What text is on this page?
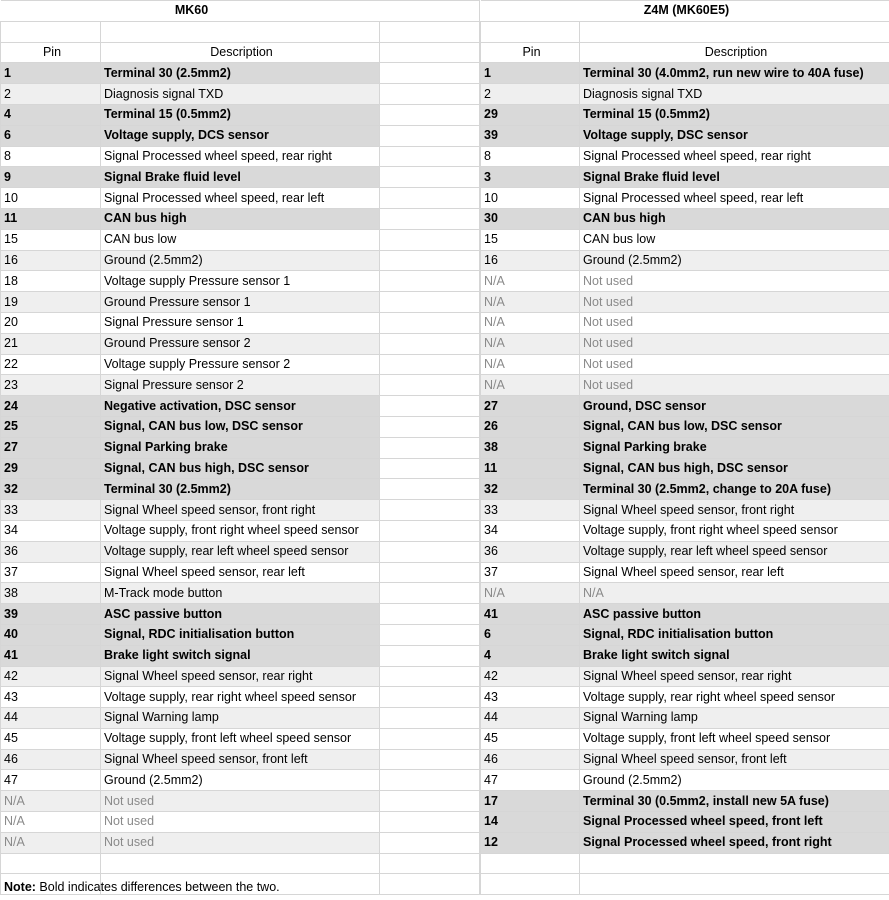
MK60	

Pin	Description
1	Terminal 30 (2.5mm2)
2	Diagnosis signal TXD
4	Terminal 15 (0.5mm2)
6	Voltage supply, DCS sensor
8	Signal Processed wheel speed, rear right
9	Signal Brake fluid level
10	Signal Processed wheel speed, rear left
11	CAN bus high
15	CAN bus low
16	Ground (2.5mm2)
18	Voltage supply Pressure sensor 1
19	Ground Pressure sensor 1
20	Signal Pressure sensor 1
21	Ground Pressure sensor 2
22	Voltage supply Pressure sensor 2
23	Signal Pressure sensor 2
24	Negative activation, DSC sensor
25	Signal, CAN bus low, DSC sensor
27	Signal Parking brake
29	Signal, CAN bus high, DSC sensor
32	Terminal 30 (2.5mm2)
33	Signal Wheel speed sensor, front right
34	Voltage supply, front right wheel speed sensor
36	Voltage supply, rear left wheel speed sensor
37	Signal Wheel speed sensor, rear left
38	M-Track mode button
39	ASC passive button
40	Signal, RDC initialisation button
41	Brake light switch signal
42	Signal Wheel speed sensor, rear right
43	Voltage supply, rear right wheel speed sensor
44	Signal Warning lamp
45	Voltage supply, front left wheel speed sensor
46	Signal Wheel speed sensor, front left
47	Ground (2.5mm2)
N/A	Not used
N/A	Not used
N/A	Not used

Z4M (MK60E5)	

Pin	Description
1	Terminal 30 (4.0mm2, run new wire to 40A fuse)
2	Diagnosis signal TXD
29	Terminal 15 (0.5mm2)
39	Voltage supply, DSC sensor
8	Signal Processed wheel speed, rear right
3	Signal Brake fluid level
10	Signal Processed wheel speed, rear left
30	CAN bus high
15	CAN bus low
16	Ground (2.5mm2)
N/A	Not used
N/A	Not used
N/A	Not used
N/A	Not used
N/A	Not used
N/A	Not used
27	Ground, DSC sensor
26	Signal, CAN bus low, DSC sensor
38	Signal Parking brake
11	Signal, CAN bus high, DSC sensor
32	Terminal 30 (2.5mm2, change to 20A fuse)
33	Signal Wheel speed sensor, front right
34	Voltage supply, front right wheel speed sensor
36	Voltage supply, rear left wheel speed sensor
37	Signal Wheel speed sensor, rear left
N/A	N/A
41	ASC passive button
6	Signal, RDC initialisation button
4	Brake light switch signal
42	Signal Wheel speed sensor, rear right
43	Voltage supply, rear right wheel speed sensor
44	Signal Warning lamp
45	Voltage supply, front left wheel speed sensor
46	Signal Wheel speed sensor, front left
47	Ground (2.5mm2)
17	Terminal 30 (0.5mm2, install new 5A fuse)
14	Signal Processed wheel speed, front left
12	Signal Processed wheel speed, front right

Note: Bold indicates differences between the two.
